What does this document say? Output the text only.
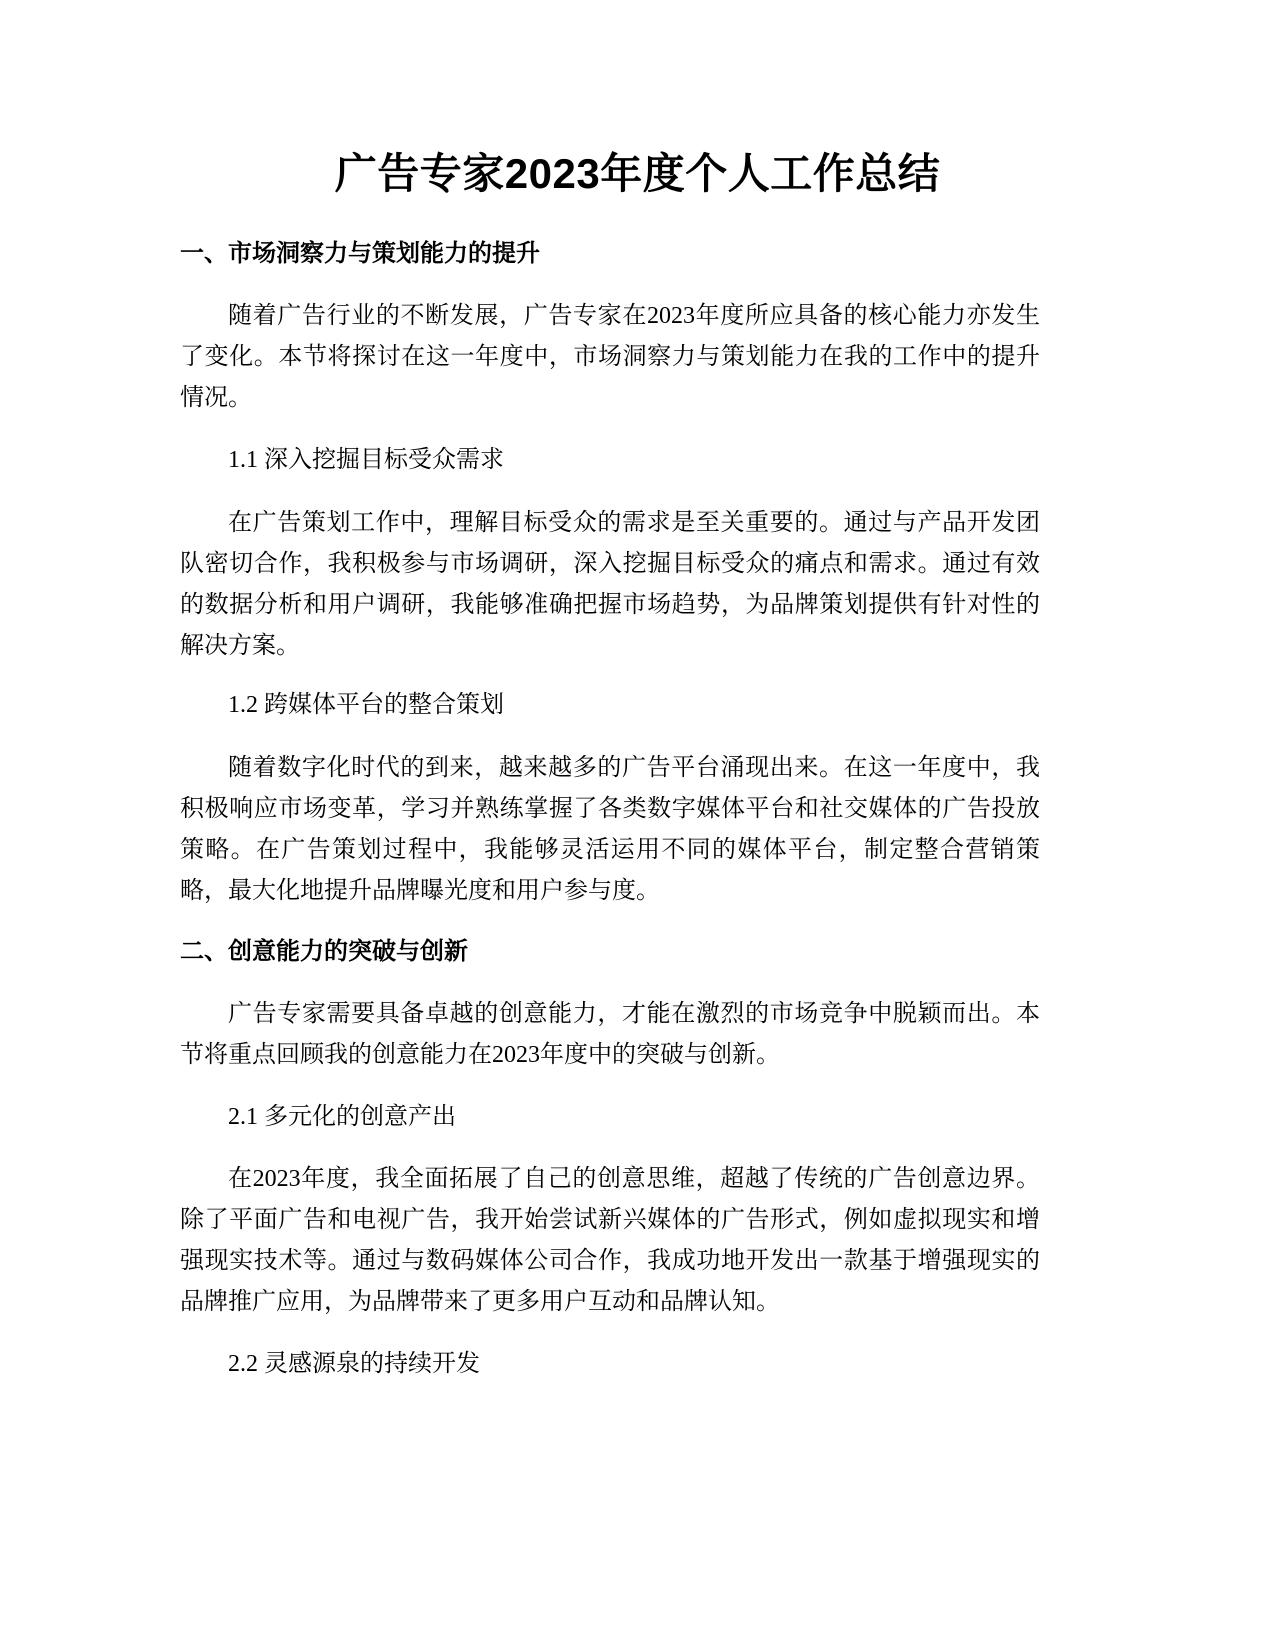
广告专家2023年度个人工作总结
一、市场洞察力与策划能力的提升

随着广告行业的不断发展，广告专家在2023年度所应具备的核心能力亦发生了变化。本节将探讨在这一年度中，市场洞察力与策划能力在我的工作中的提升情况。

1.1 深入挖掘目标受众需求

在广告策划工作中，理解目标受众的需求是至关重要的。通过与产品开发团队密切合作，我积极参与市场调研，深入挖掘目标受众的痛点和需求。通过有效的数据分析和用户调研，我能够准确把握市场趋势，为品牌策划提供有针对性的解决方案。

1.2 跨媒体平台的整合策划

随着数字化时代的到来，越来越多的广告平台涌现出来。在这一年度中，我积极响应市场变革，学习并熟练掌握了各类数字媒体平台和社交媒体的广告投放策略。在广告策划过程中，我能够灵活运用不同的媒体平台，制定整合营销策略，最大化地提升品牌曝光度和用户参与度。

二、创意能力的突破与创新

广告专家需要具备卓越的创意能力，才能在激烈的市场竞争中脱颖而出。本节将重点回顾我的创意能力在2023年度中的突破与创新。

2.1 多元化的创意产出

在2023年度，我全面拓展了自己的创意思维，超越了传统的广告创意边界。除了平面广告和电视广告，我开始尝试新兴媒体的广告形式，例如虚拟现实和增强现实技术等。通过与数码媒体公司合作，我成功地开发出一款基于增强现实的品牌推广应用，为品牌带来了更多用户互动和品牌认知。

2.2 灵感源泉的持续开发
